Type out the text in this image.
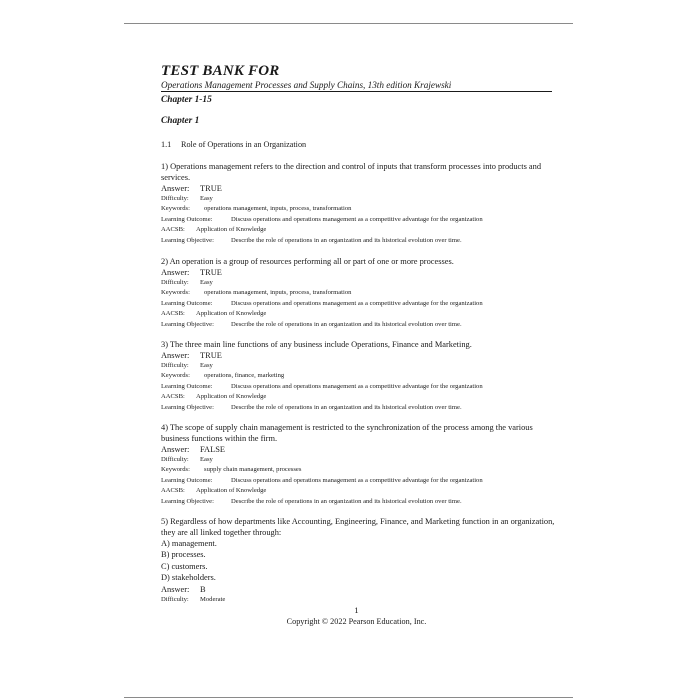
TEST BANK FOR
Operations Management Processes and Supply Chains, 13th edition Krajewski
Chapter 1-15
Chapter 1
1.1 Role of Operations in an Organization
1) Operations management refers to the direction and control of inputs that transform processes into products and services.
Answer: TRUE
Difficulty: Easy
Keywords: operations management, inputs, process, transformation
Learning Outcome:	Discuss operations and operations management as a competitive advantage for the organization
AACSB: Application of Knowledge
Learning Objective:	Describe the role of operations in an organization and its historical evolution over time.
2) An operation is a group of resources performing all or part of one or more processes.
Answer: TRUE
Difficulty: Easy
Keywords: operations management, inputs, process, transformation
Learning Outcome:	Discuss operations and operations management as a competitive advantage for the organization
AACSB: Application of Knowledge
Learning Objective:	Describe the role of operations in an organization and its historical evolution over time.
3) The three main line functions of any business include Operations, Finance and Marketing.
Answer: TRUE
Difficulty: Easy
Keywords: operations, finance, marketing
Learning Outcome:	Discuss operations and operations management as a competitive advantage for the organization
AACSB: Application of Knowledge
Learning Objective:	Describe the role of operations in an organization and its historical evolution over time.
4) The scope of supply chain management is restricted to the synchronization of the process among the various business functions within the firm.
Answer: FALSE
Difficulty: Easy
Keywords: supply chain management, processes
Learning Outcome:	Discuss operations and operations management as a competitive advantage for the organization
AACSB: Application of Knowledge
Learning Objective:	Describe the role of operations in an organization and its historical evolution over time.
5) Regardless of how departments like Accounting, Engineering, Finance, and Marketing function in an organization, they are all linked together through:
A) management.
B) processes.
C) customers.
D) stakeholders.
Answer: B
Difficulty: Moderate
1
Copyright © 2022 Pearson Education, Inc.
